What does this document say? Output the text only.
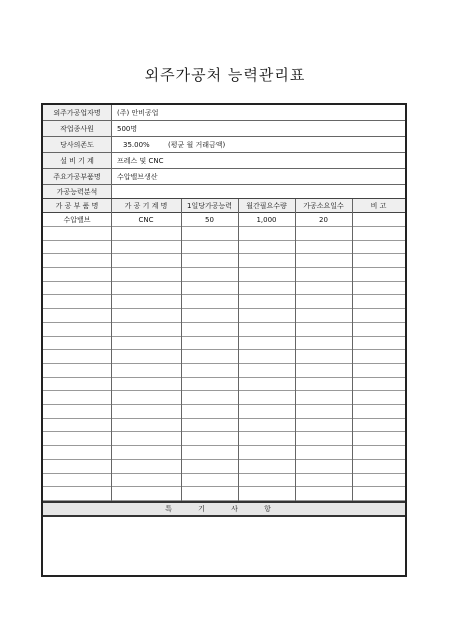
외주가공처 능력관리표
외주가공업자명	(주) 안비공업
작업종사원	500명
당사의존도	35.00%	(평균 월 거래금액)
설 비 기 계	프레스 및 CNC
주요가공부품명	수압밸브생산
가공능력분석
가 공 부 품 명	가 공 기 계 명	1일당가공능력	월간필요수량	가공소요일수	비 고
수압밸브	CNC	50	1,000	20
특 기 사 항
